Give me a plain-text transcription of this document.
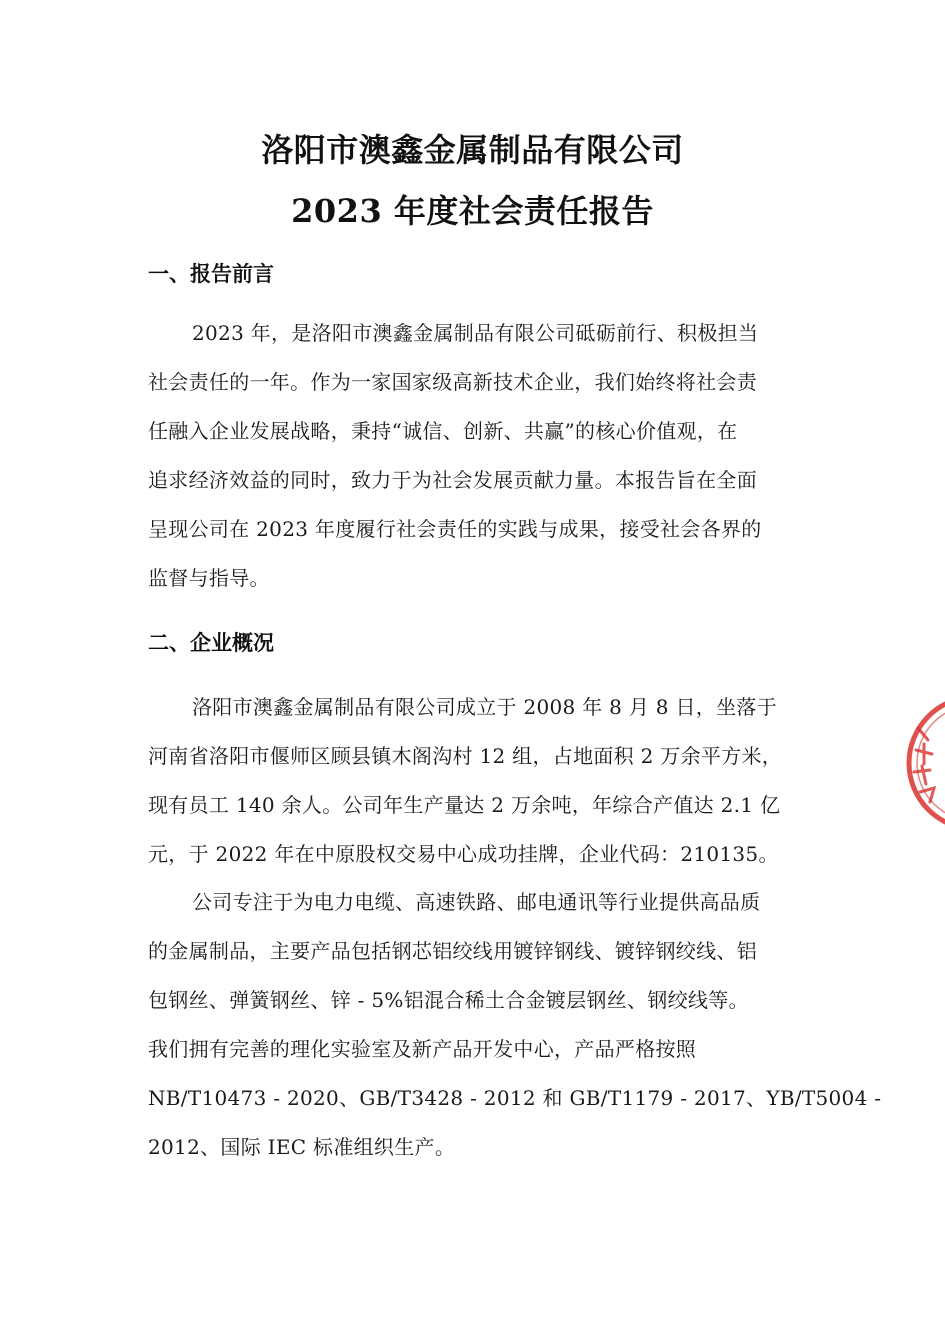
洛阳市澳鑫金属制品有限公司
2023 年度社会责任报告
一、报告前言

2023 年，是洛阳市澳鑫金属制品有限公司砥砺前行、积极担当
社会责任的一年。作为一家国家级高新技术企业，我们始终将社会责
任融入企业发展战略，秉持“诚信、创新、共赢”的核心价值观，在
追求经济效益的同时，致力于为社会发展贡献力量。本报告旨在全面
呈现公司在 2023 年度履行社会责任的实践与成果，接受社会各界的
监督与指导。

二、企业概况

洛阳市澳鑫金属制品有限公司成立于 2008 年 8 月 8 日，坐落于
河南省洛阳市偃师区顾县镇木阁沟村 12 组，占地面积 2 万余平方米，
现有员工 140 余人。公司年生产量达 2 万余吨，年综合产值达 2.1 亿
元，于 2022 年在中原股权交易中心成功挂牌，企业代码：210135。

公司专注于为电力电缆、高速铁路、邮电通讯等行业提供高品质
的金属制品，主要产品包括钢芯铝绞线用镀锌钢线、镀锌钢绞线、铝
包钢丝、弹簧钢丝、锌 - 5%铝混合稀土合金镀层钢丝、钢绞线等。
我们拥有完善的理化实验室及新产品开发中心，产品严格按照
NB/T10473 - 2020、GB/T3428 - 2012 和 GB/T1179 - 2017、YB/T5004 -
2012、国际 IEC 标准组织生产。
